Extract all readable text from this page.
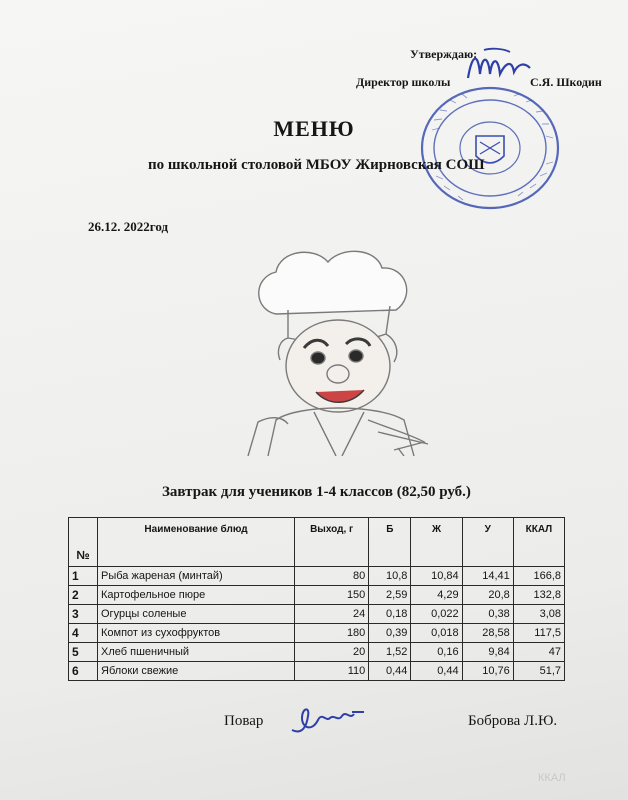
Утверждаю:
Директор школы	С.Я. Шкодин
МЕНЮ
по школьной столовой МБОУ Жирновская СОШ
26.12. 2022год
Завтрак для учеников 1-4 классов (82,50 руб.)
№	Наименование блюд	Выход, г	Б	Ж	У	ККАЛ
1	Рыба жареная (минтай)	80	10,8	10,84	14,41	166,8
2	Картофельное пюре	150	2,59	4,29	20,8	132,8
3	Огурцы соленые	24	0,18	0,022	0,38	3,08
4	Компот из сухофруктов	180	0,39	0,018	28,58	117,5
5	Хлеб пшеничный	20	1,52	0,16	9,84	47
6	Яблоки свежие	110	0,44	0,44	10,76	51,7
Повар	Боброва Л.Ю.
ККАЛ
